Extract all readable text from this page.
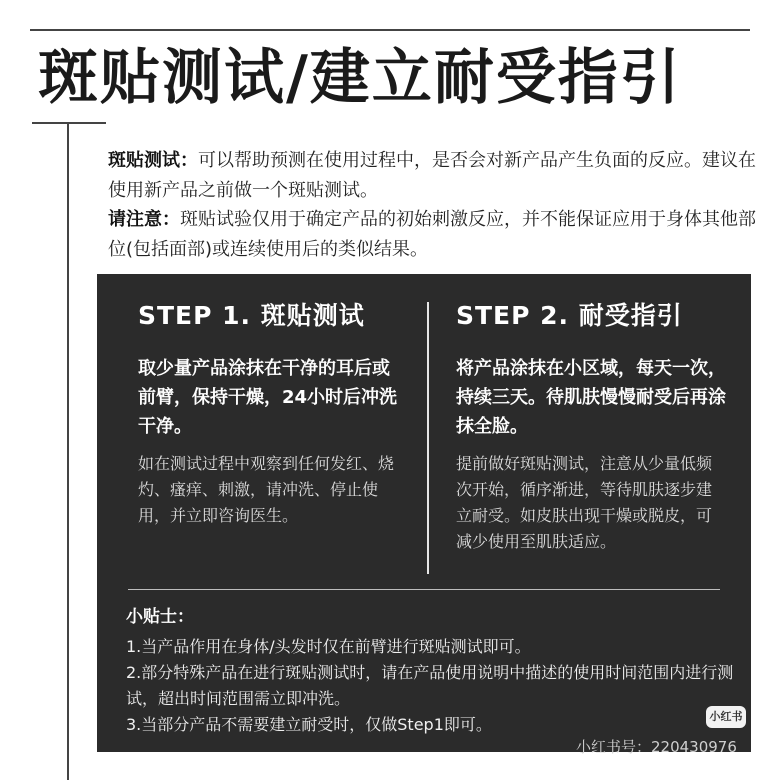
斑贴测试/建立耐受指引

斑贴测试：可以帮助预测在使用过程中，是否会对新产品产生负面的反应。建议在使用新产品之前做一个斑贴测试。

请注意：斑贴试验仅用于确定产品的初始刺激反应，并不能保证应用于身体其他部位(包括面部)或连续使用后的类似结果。

STEP 1. 斑贴测试
取少量产品涂抹在干净的耳后或前臂，保持干燥，24小时后冲洗干净。
如在测试过程中观察到任何发红、烧灼、瘙痒、刺激，请冲洗、停止使用，并立即咨询医生。
STEP 2. 耐受指引
将产品涂抹在小区域，每天一次，持续三天。待肌肤慢慢耐受后再涂抹全脸。
提前做好斑贴测试，注意从少量低频次开始，循序渐进，等待肌肤逐步建立耐受。如皮肤出现干燥或脱皮，可减少使用至肌肤适应。
小贴士：
1.当产品作用在身体/头发时仅在前臂进行斑贴测试即可。
2.部分特殊产品在进行斑贴测试时，请在产品使用说明中描述的使用时间范围内进行测试，超出时间范围需立即冲洗。
3.当部分产品不需要建立耐受时，仅做Step1即可。	小红书
小红书号：220430976
